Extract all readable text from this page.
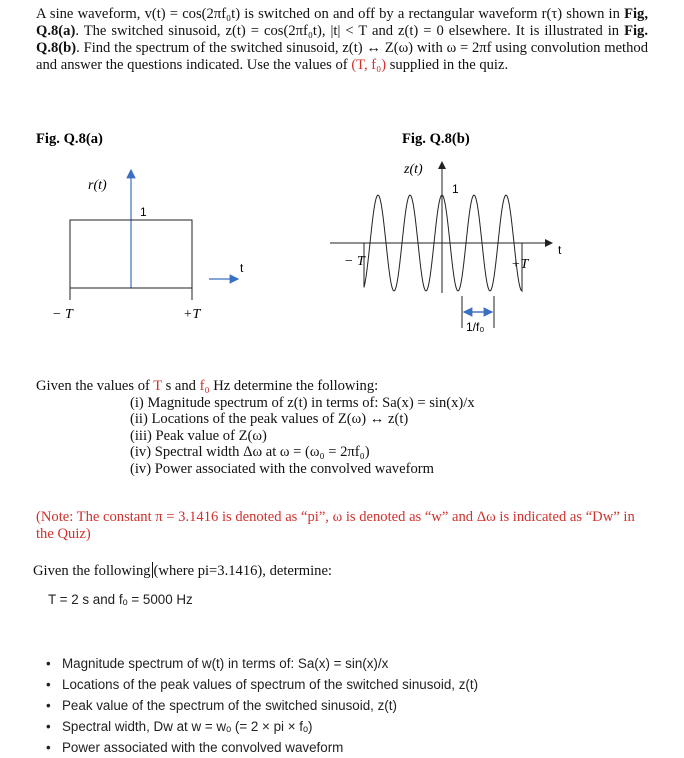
A sine waveform, v(t) = cos(2πf₀t) is switched on and off by a rectangular waveform r(τ) shown in Fig, Q.8(a). The switched sinusoid, z(t) = cos(2πf₀t), |t| < T and z(t) = 0 elsewhere. It is illustrated in Fig. Q.8(b). Find the spectrum of the switched sinusoid, z(t) ↔ Z(ω) with ω = 2πf using convolution method and answer the questions indicated. Use the values of (T, f₀) supplied in the quiz.
Fig. Q.8(a)
r(t)
1
t
− T	+T
Fig. Q.8(b)
z(t)
1
t
− T	+T
1/f₀
Given the values of T s and f₀ Hz determine the following:
(i) Magnitude spectrum of z(t) in terms of: Sa(x) = sin(x)/x
(ii) Locations of the peak values of Z(ω) ↔ z(t)
(iii) Peak value of Z(ω)
(iv) Spectral width Δω at ω = (ω₀ = 2πf₀)
(iv) Power associated with the convolved waveform
(Note: The constant π = 3.1416 is denoted as “pi”, ω is denoted as “w” and Δω is indicated as “Dw” in the Quiz)
Given the following (where pi=3.1416), determine:
T = 2 s and fₒ = 5000 Hz
• Magnitude spectrum of w(t) in terms of: Sa(x) = sin(x)/x
• Locations of the peak values of spectrum of the switched sinusoid, z(t)
• Peak value of the spectrum of the switched sinusoid, z(t)
• Spectral width, Dw at w = wₒ (= 2 × pi × fₒ)
• Power associated with the convolved waveform
